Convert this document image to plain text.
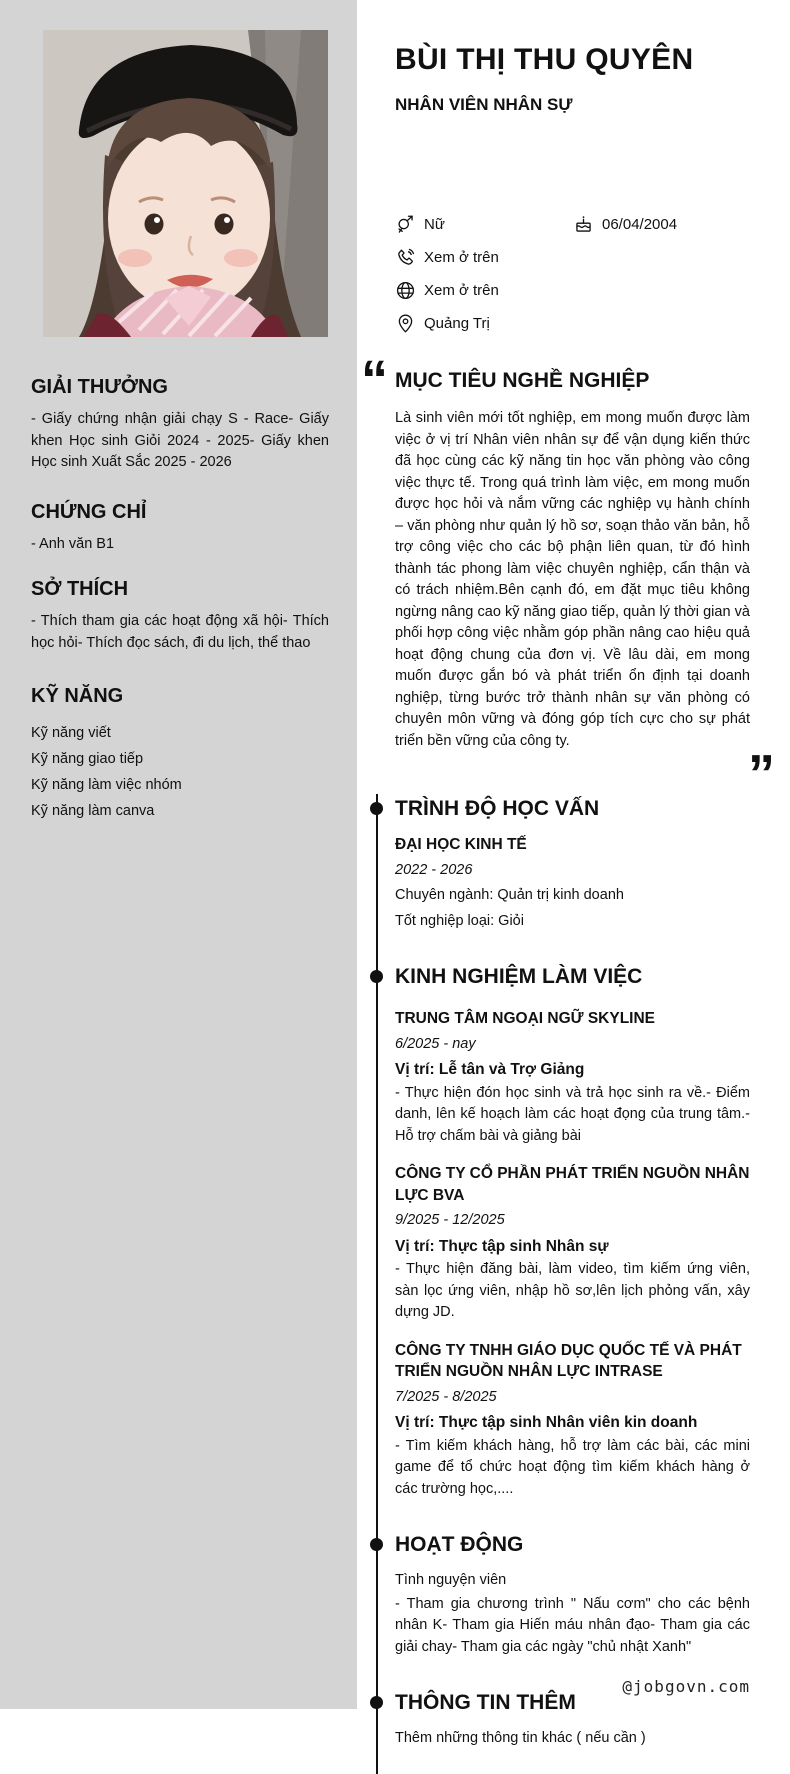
GIẢI THƯỞNG

- Giấy chứng nhận giải chạy S - Race- Giấy khen Học sinh Giỏi 2024 - 2025- Giấy khen Học sinh Xuất Sắc 2025 - 2026

CHỨNG CHỈ

- Anh văn B1

SỞ THÍCH

- Thích tham gia các hoạt động xã hội- Thích học hỏi- Thích đọc sách, đi du lịch, thể thao

KỸ NĂNG
Kỹ năng viết
Kỹ năng giao tiếp
Kỹ năng làm việc nhóm
Kỹ năng làm canva
BÙI THỊ THU QUYÊN
NHÂN VIÊN NHÂN SỰ
Nữ	06/04/2004
Xem ở trên
Xem ở trên
Quảng Trị
“ MỤC TIÊU NGHỀ NGHIỆP

Là sinh viên mới tốt nghiệp, em mong muốn được làm việc ở vị trí Nhân viên nhân sự để vận dụng kiến thức đã học cùng các kỹ năng tin học văn phòng vào công việc thực tế. Trong quá trình làm việc, em mong muốn được học hỏi và nắm vững các nghiệp vụ hành chính – văn phòng như quản lý hồ sơ, soạn thảo văn bản, hỗ trợ công việc cho các bộ phận liên quan, từ đó hình thành tác phong làm việc chuyên nghiệp, cẩn thận và có trách nhiệm.Bên cạnh đó, em đặt mục tiêu không ngừng nâng cao kỹ năng giao tiếp, quản lý thời gian và phối hợp công việc nhằm góp phần nâng cao hiệu quả hoạt động chung của đơn vị. Về lâu dài, em mong muốn được gắn bó và phát triển ổn định tại doanh nghiệp, từng bước trở thành nhân sự văn phòng có chuyên môn vững và đóng góp tích cực cho sự phát triển bền vững của công ty.

”
TRÌNH ĐỘ HỌC VẤN
ĐẠI HỌC KINH TẾ
2022 - 2026
Chuyên ngành: Quản trị kinh doanh
Tốt nghiệp loại: Giỏi
KINH NGHIỆM LÀM VIỆC
TRUNG TÂM NGOẠI NGỮ SKYLINE
6/2025 - nay
Vị trí: Lễ tân và Trợ Giảng
- Thực hiện đón học sinh và trả học sinh ra về.- Điểm danh, lên kế hoạch làm các hoạt đọng của trung tâm.- Hỗ trợ chấm bài và giảng bài
CÔNG TY CỔ PHẦN PHÁT TRIỂN NGUỒN NHÂN LỰC BVA
9/2025 - 12/2025
Vị trí: Thực tập sinh Nhân sự
- Thực hiện đăng bài, làm video, tìm kiếm ứng viên, sàn lọc ứng viên, nhập hồ sơ,lên lịch phỏng vấn, xây dựng JD.
CÔNG TY TNHH GIÁO DỤC QUỐC TẾ VÀ PHÁT TRIỂN NGUỒN NHÂN LỰC INTRASE
7/2025 - 8/2025
Vị trí: Thực tập sinh Nhân viên kin doanh
- Tìm kiếm khách hàng, hỗ trợ làm các bài, các mini game để tổ chức hoạt động tìm kiếm khách hàng ở các trường học,....
HOẠT ĐỘNG
Tình nguyện viên
- Tham gia chương trình " Nấu cơm" cho các bệnh nhân K- Tham gia Hiến máu nhân đạo- Tham gia các giải chay- Tham gia các ngày "chủ nhật Xanh"
THÔNG TIN THÊM
Thêm những thông tin khác ( nếu cần )
@jobgovn.com
